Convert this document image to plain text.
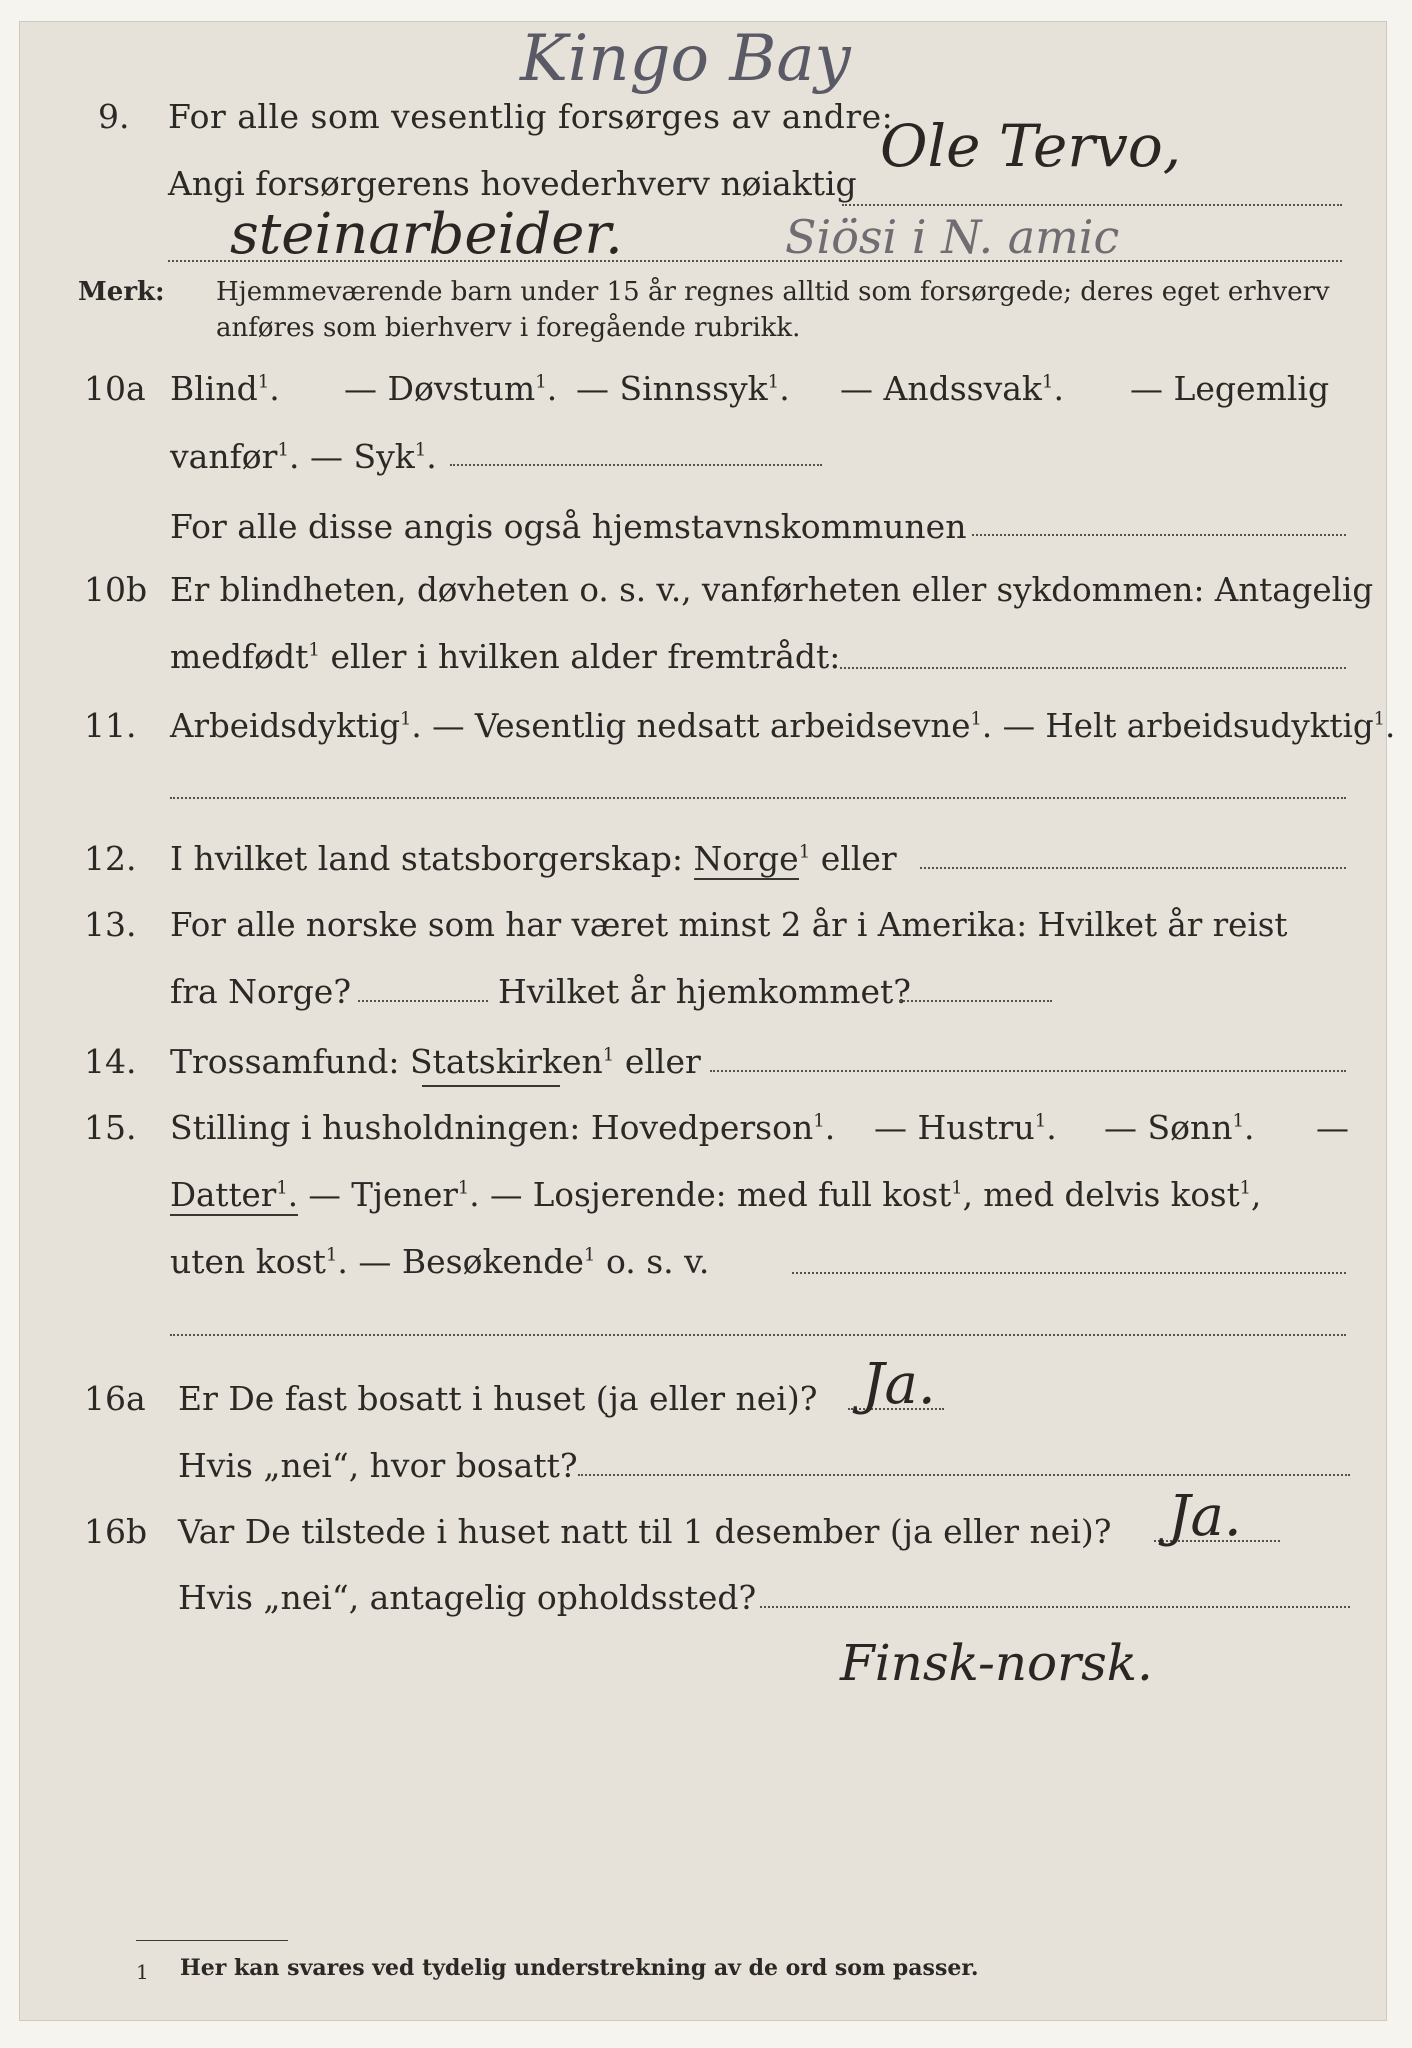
Kingo Bay
9. For alle som vesentlig forsørges av andre:
Angi forsørgerens hovederhverv nøiaktig
Ole Tervo,
steinarbeider.	Siösi i N. amic
Merk: Hjemmeværende barn under 15 år regnes alltid som forsørgede; deres eget erhverv
anføres som bierhverv i foregående rubrikk.
10a Blind$^1$. — Døvstum$^1$. — Sinnssyk$^1$. — Andssvak$^1$. — Legemlig
vanfør$^1$. — Syk$^1$.
For alle disse angis også hjemstavnskommunen
10b Er blindheten, døvheten o. s. v., vanførheten eller sykdommen: Antagelig
medfødt$^1$ eller i hvilken alder fremtrådt:
11. Arbeidsdyktig$^1$. — Vesentlig nedsatt arbeidsevne$^1$. — Helt arbeidsudyktig$^1$.
12. I hvilket land statsborgerskap: Norge$^1$ eller
13. For alle norske som har været minst 2 år i Amerika: Hvilket år reist
fra Norge?	Hvilket år hjemkommet?
14. Trossamfund: Statskirken$^1$ eller
15. Stilling i husholdningen: Hovedperson$^1$. — Hustru$^1$. — Sønn$^1$. —
Datter$^1$. — Tjener$^1$. — Losjerende: med full kost$^1$, med delvis kost$^1$,
uten kost$^1$. — Besøkende$^1$ o. s. v.
16a Er De fast bosatt i huset (ja eller nei)? Ja.
Hvis „nei“, hvor bosatt?
16b Var De tilstede i huset natt til 1 desember (ja eller nei)? Ja.
Hvis „nei“, antagelig opholdssted?
Finsk-norsk.
1 Her kan svares ved tydelig understrekning av de ord som passer.
